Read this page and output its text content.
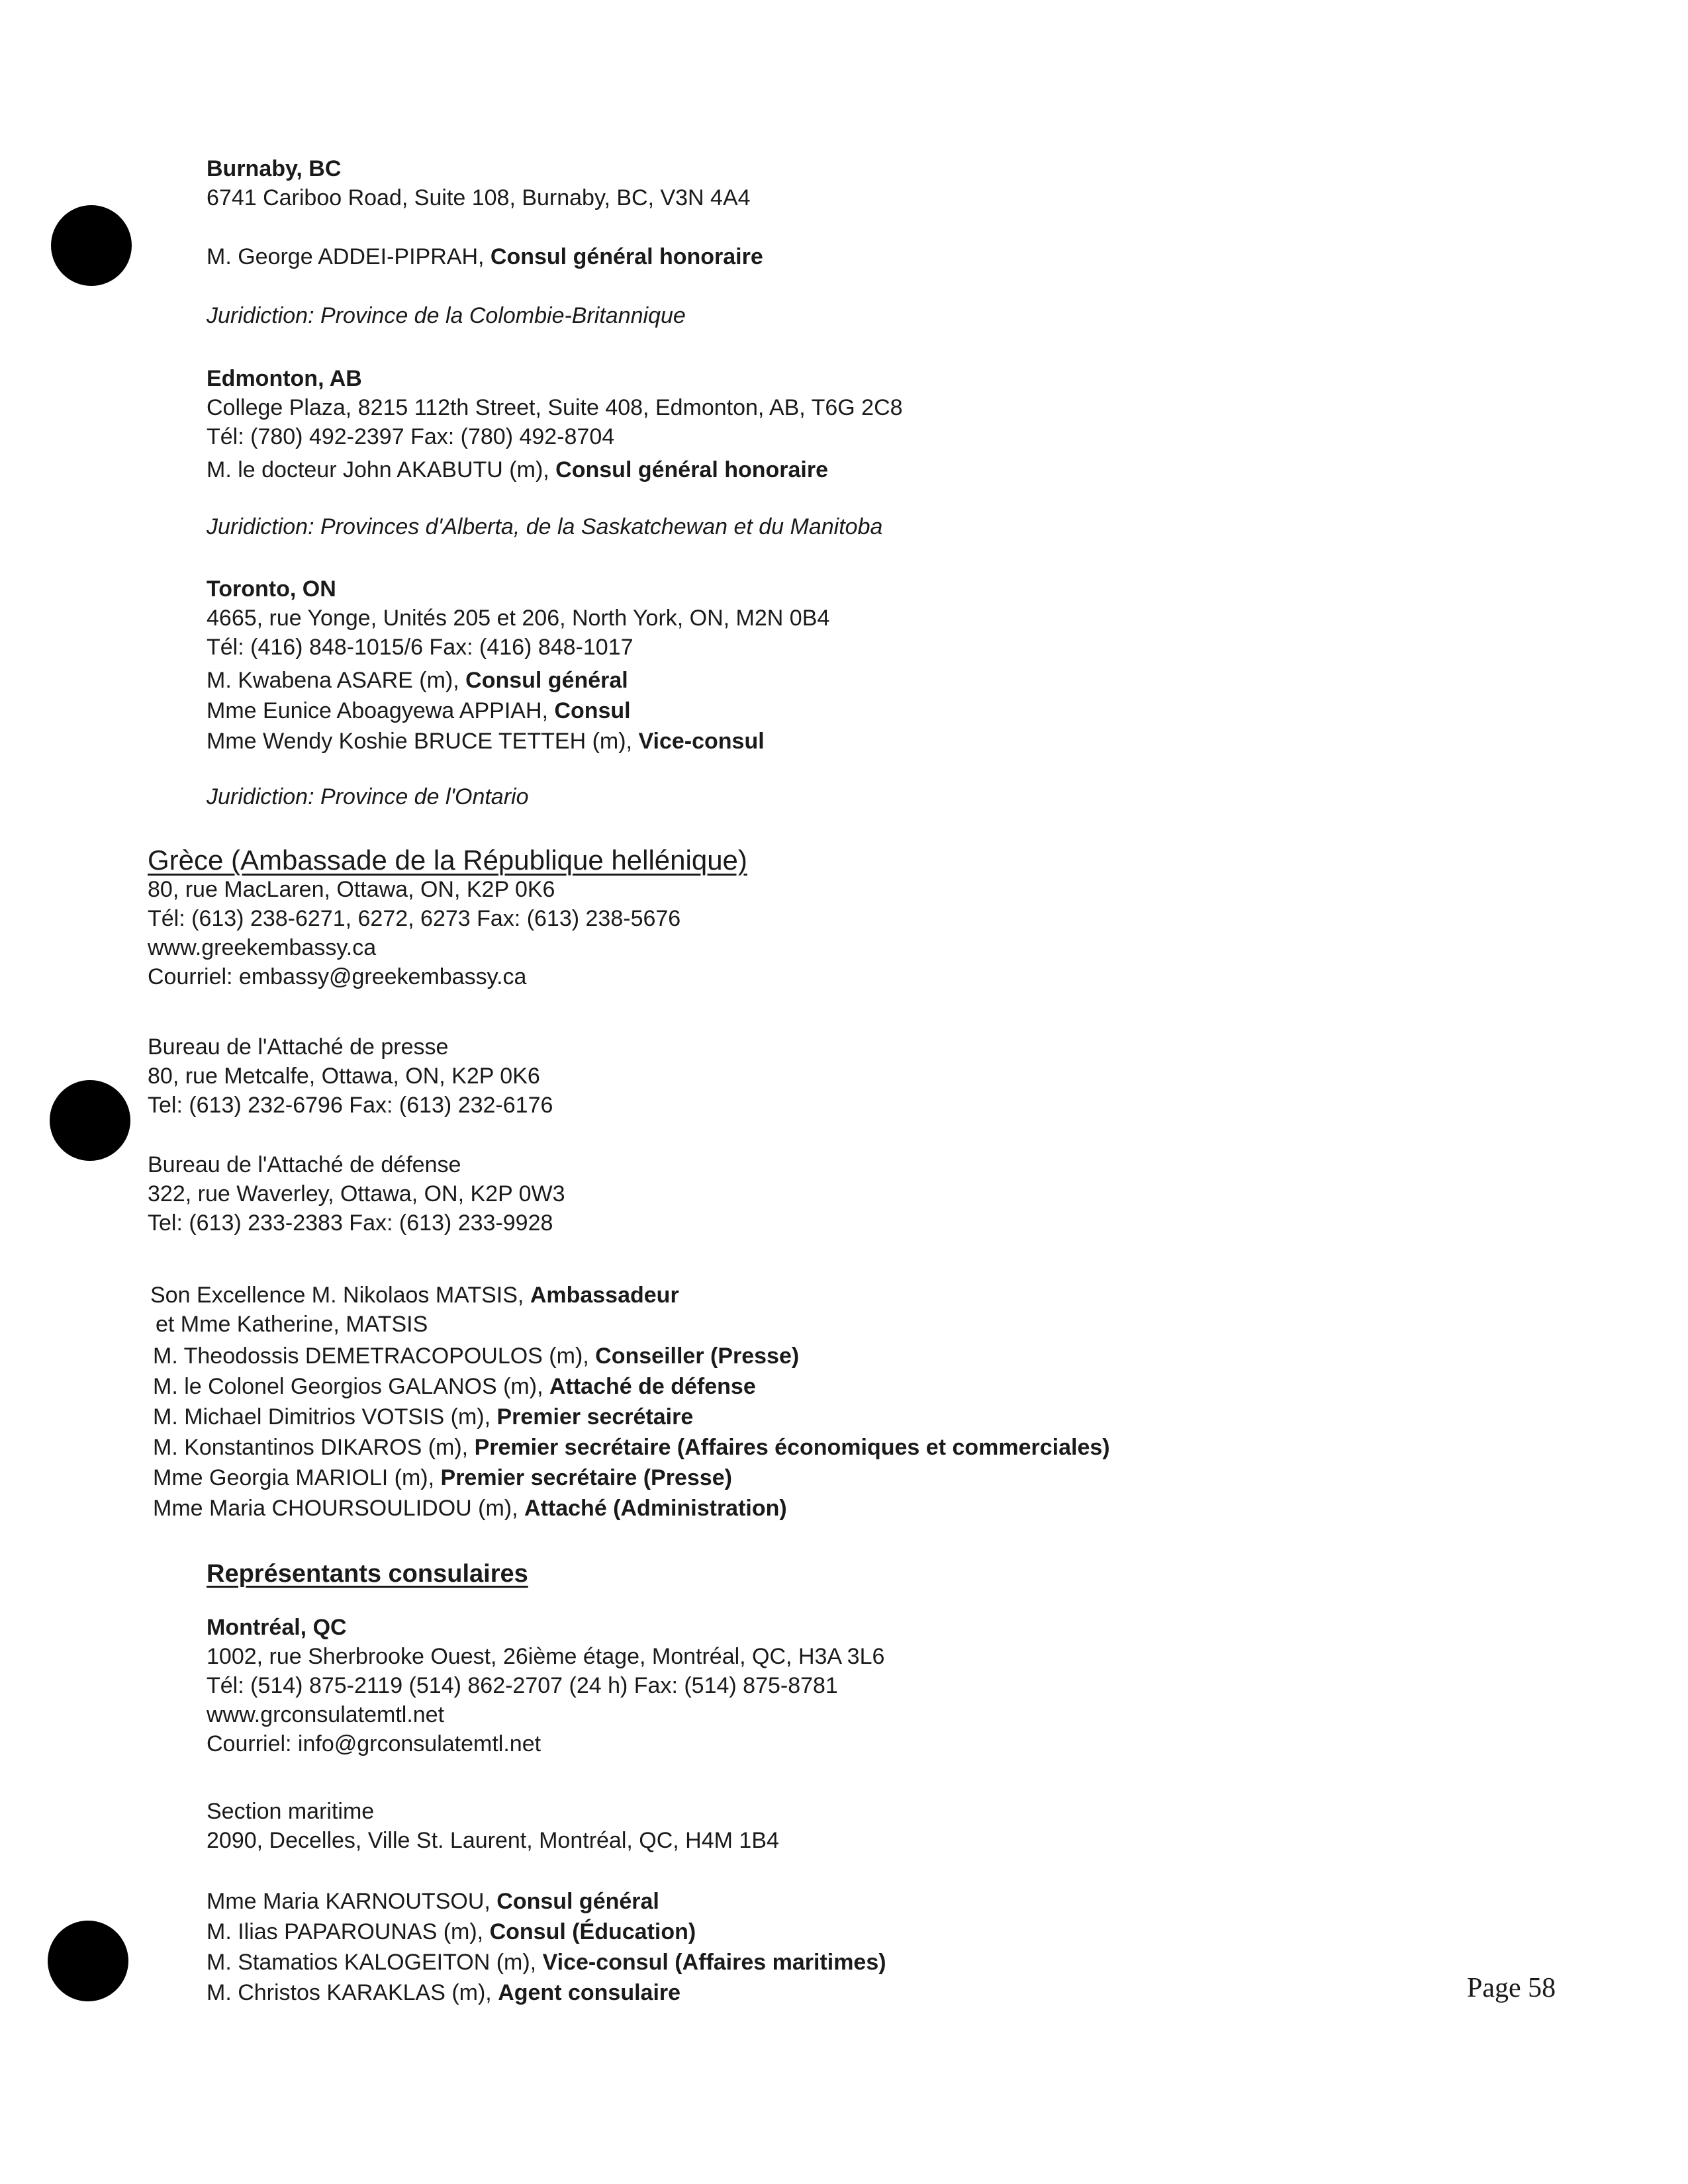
Burnaby, BC
6741 Cariboo Road, Suite 108, Burnaby, BC, V3N 4A4
M. George ADDEI-PIPRAH, Consul général honoraire
Juridiction: Province de la Colombie-Britannique
Edmonton, AB
College Plaza, 8215 112th Street, Suite 408, Edmonton, AB, T6G 2C8
Tél: (780) 492-2397 Fax: (780) 492-8704
M. le docteur John AKABUTU (m), Consul général honoraire
Juridiction: Provinces d'Alberta, de la Saskatchewan et du Manitoba
Toronto, ON
4665, rue Yonge, Unités 205 et 206, North York, ON, M2N 0B4
Tél: (416) 848-1015/6 Fax: (416) 848-1017
M. Kwabena ASARE (m), Consul général
Mme Eunice Aboagyewa APPIAH, Consul
Mme Wendy Koshie BRUCE TETTEH (m), Vice-consul
Juridiction: Province de l'Ontario
Grèce (Ambassade de la République hellénique)
80, rue MacLaren, Ottawa, ON, K2P 0K6
Tél: (613) 238-6271, 6272, 6273 Fax: (613) 238-5676
www.greekembassy.ca
Courriel: embassy@greekembassy.ca
Bureau de l'Attaché de presse
80, rue Metcalfe, Ottawa, ON, K2P 0K6
Tel: (613) 232-6796 Fax: (613) 232-6176
Bureau de l'Attaché de défense
322, rue Waverley, Ottawa, ON, K2P 0W3
Tel: (613) 233-2383 Fax: (613) 233-9928
Son Excellence M. Nikolaos MATSIS, Ambassadeur
et Mme Katherine, MATSIS
M. Theodossis DEMETRACOPOULOS (m), Conseiller (Presse)
M. le Colonel Georgios GALANOS (m), Attaché de défense
M. Michael Dimitrios VOTSIS (m), Premier secrétaire
M. Konstantinos DIKAROS (m), Premier secrétaire (Affaires économiques et commerciales)
Mme Georgia MARIOLI (m), Premier secrétaire (Presse)
Mme Maria CHOURSOULIDOU (m), Attaché (Administration)
Représentants consulaires
Montréal, QC
1002, rue Sherbrooke Ouest, 26ième étage, Montréal, QC, H3A 3L6
Tél: (514) 875-2119 (514) 862-2707 (24 h) Fax: (514) 875-8781
www.grconsulatemtl.net
Courriel: info@grconsulatemtl.net
Section maritime
2090, Decelles, Ville St. Laurent, Montréal, QC, H4M 1B4
Mme Maria KARNOUTSOU, Consul général
M. Ilias PAPAROUNAS (m), Consul (Éducation)
M. Stamatios KALOGEITON (m), Vice-consul (Affaires maritimes)
M. Christos KARAKLAS (m), Agent consulaire	Page 58
